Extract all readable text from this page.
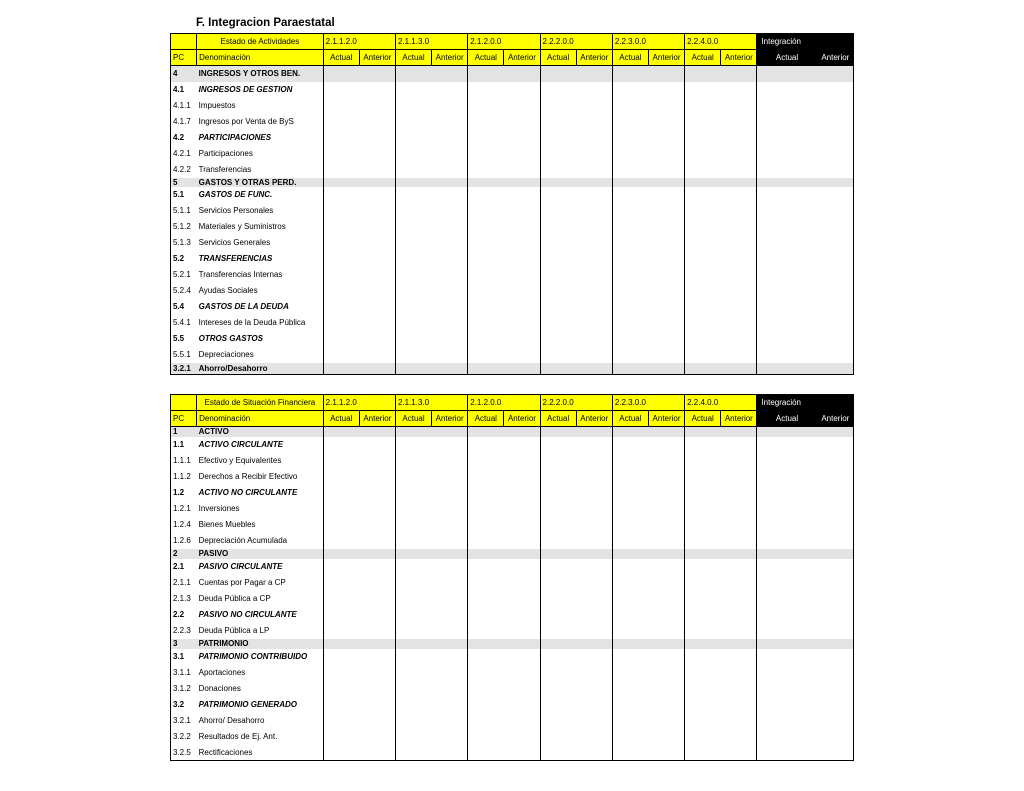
F. Integracion Paraestatal
	Estado de Actividades	2.1.1.2.0		2.1.1.3.0		2.1.2.0.0		2.2.2.0.0		2.2.3.0.0		2.2.4.0.0		Integración	
PC	Denominación	Actual	Anterior	Actual	Anterior	Actual	Anterior	Actual	Anterior	Actual	Anterior	Actual	Anterior	Actual	Anterior
4	INGRESOS Y OTROS BEN.														
4.1	INGRESOS DE GESTION														
4.1.1	Impuestos														
4.1.7	Ingresos por Venta de ByS														
4.2	PARTICIPACIONES														
4.2.1	Participaciones														
4.2.2	Transferencias														
5	GASTOS Y OTRAS PERD.														
5.1	GASTOS DE FUNC.														
5.1.1	Servicios Personales														
5.1.2	Materiales y Suministros														
5.1.3	Servicios Generales														
5.2	TRANSFERENCIAS														
5.2.1	Transferencias Internas														
5.2.4	Ayudas Sociales														
5.4	GASTOS DE LA DEUDA														
5.4.1	Intereses de la Deuda Pública														
5.5	OTROS GASTOS														
5.5.1	Depreciaciones														
3.2.1	Ahorro/Desahorro														
	Estado de Situación Financiera	2.1.1.2.0		2.1.1.3.0		2.1.2.0.0		2.2.2.0.0		2.2.3.0.0		2.2.4.0.0		Integración	
PC	Denominación	Actual	Anterior	Actual	Anterior	Actual	Anterior	Actual	Anterior	Actual	Anterior	Actual	Anterior	Actual	Anterior
1	ACTIVO														
1.1	ACTIVO CIRCULANTE														
1.1.1	Efectivo y Equivalentes														
1.1.2	Derechos a Recibir Efectivo														
1.2	ACTIVO NO CIRCULANTE														
1.2.1	Inversiones														
1.2.4	Bienes Muebles														
1.2.6	Depreciación Acumulada														
2	PASIVO														
2.1	PASIVO CIRCULANTE														
2.1.1	Cuentas por Pagar a CP														
2.1.3	Deuda Pública a CP														
2.2	PASIVO NO CIRCULANTE														
2.2.3	Deuda Pública a LP														
3	PATRIMONIO														
3.1	PATRIMONIO CONTRIBUIDO														
3.1.1	Aportaciones														
3.1.2	Donaciones														
3.2	PATRIMONIO GENERADO														
3.2.1	Ahorro/ Desahorro														
3.2.2	Resultados de Ej. Ant.														
3.2.5	Rectificaciones														
